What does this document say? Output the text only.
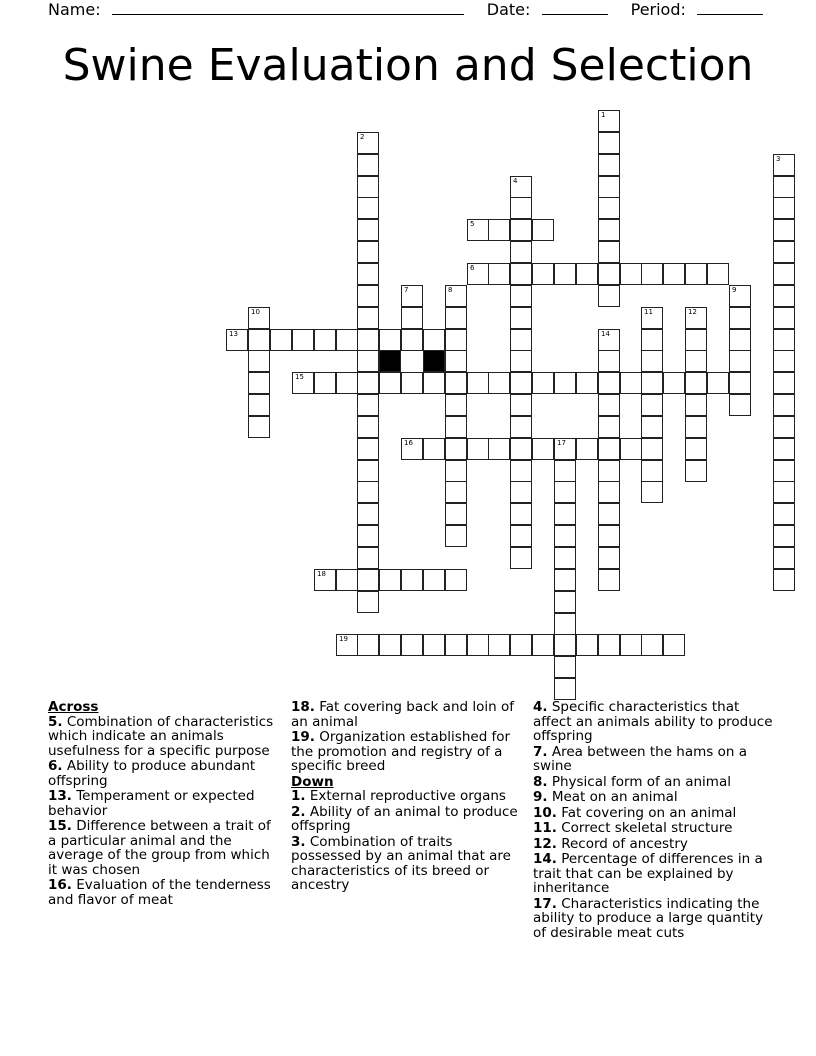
Name:	Date:	Period:
Swine Evaluation and Selection
5
6
13
15
16	17
18
19
1
2
3
4
7	8	9
10	11	12
14
Across
5. Combination of characteristics which indicate an animals usefulness for a specific purpose
6. Ability to produce abundant offspring
13. Temperament or expected behavior
15. Difference between a trait of a particular animal and the average of the group from which it was chosen
16. Evaluation of the tenderness and flavor of meat
18. Fat covering back and loin of an animal
19. Organization established for the promotion and registry of a specific breed
Down
1. External reproductive organs
2. Ability of an animal to produce offspring
3. Combination of traits possessed by an animal that are characteristics of its breed or ancestry
4. Specific characteristics that affect an animals ability to produce offspring
7. Area between the hams on a swine
8. Physical form of an animal
9. Meat on an animal
10. Fat covering on an animal
11. Correct skeletal structure
12. Record of ancestry
14. Percentage of differences in a trait that can be explained by inheritance
17. Characteristics indicating the ability to produce a large quantity of desirable meat cuts
